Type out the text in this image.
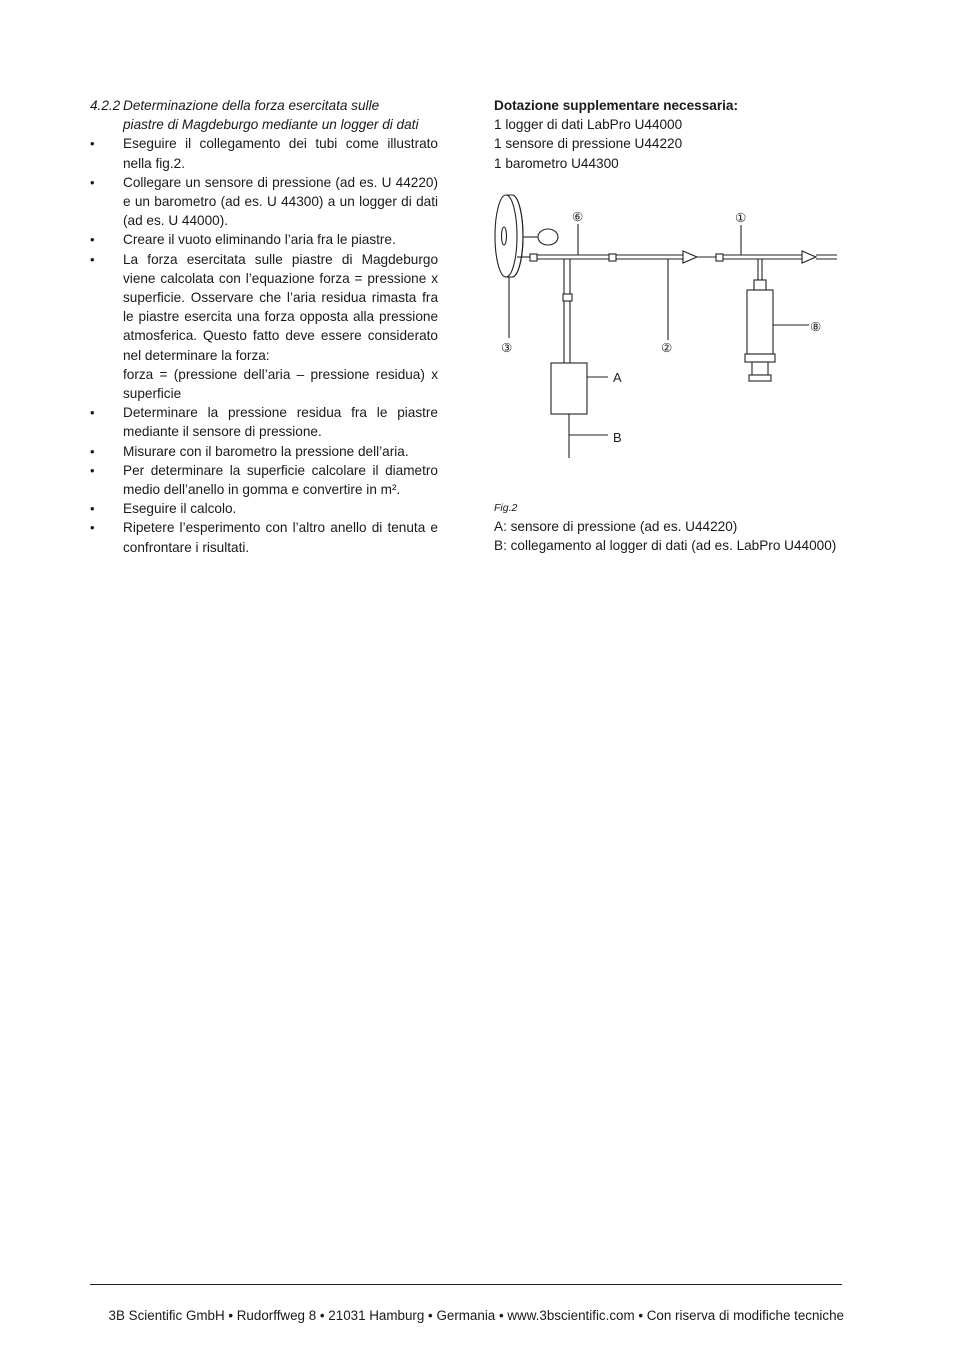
4.2.2 Determinazione della forza esercitata sulle
piastre di Magdeburgo mediante un logger di dati

• Eseguire il collegamento dei tubi come illustrato nella fig.2.
• Collegare un sensore di pressione (ad es. U 44220) e un barometro (ad es. U 44300) a un logger di dati (ad es. U 44000).
• Creare il vuoto eliminando l’aria fra le piastre.
• La forza esercitata sulle piastre di Magdeburgo viene calcolata con l’equazione forza = pressione x superficie. Osservare che l’aria residua rimasta fra le piastre esercita una forza opposta alla pressione atmosferica. Questo fatto deve essere considerato nel determinare la forza:
forza = (pressione dell’aria – pressione residua) x superficie
• Determinare la pressione residua fra le piastre mediante il sensore di pressione.
• Misurare con il barometro la pressione dell’aria.
• Per determinare la superficie calcolare il diametro medio dell’anello in gomma e convertire in m².
• Eseguire il calcolo.
• Ripetere l’esperimento con l’altro anello di tenuta e confrontare i risultati.
Dotazione supplementare necessaria:
1 logger di dati LabPro U44000
1 sensore di pressione U44220
1 barometro U44300
⑥	①
⑧
②
③
A
B
Fig.2
A: sensore di pressione (ad es. U44220)
B: collegamento al logger di dati (ad es. LabPro U44000)
3B Scientific GmbH • Rudorffweg 8 • 21031 Hamburg • Germania • www.3bscientific.com • Con riserva di modifiche tecniche
